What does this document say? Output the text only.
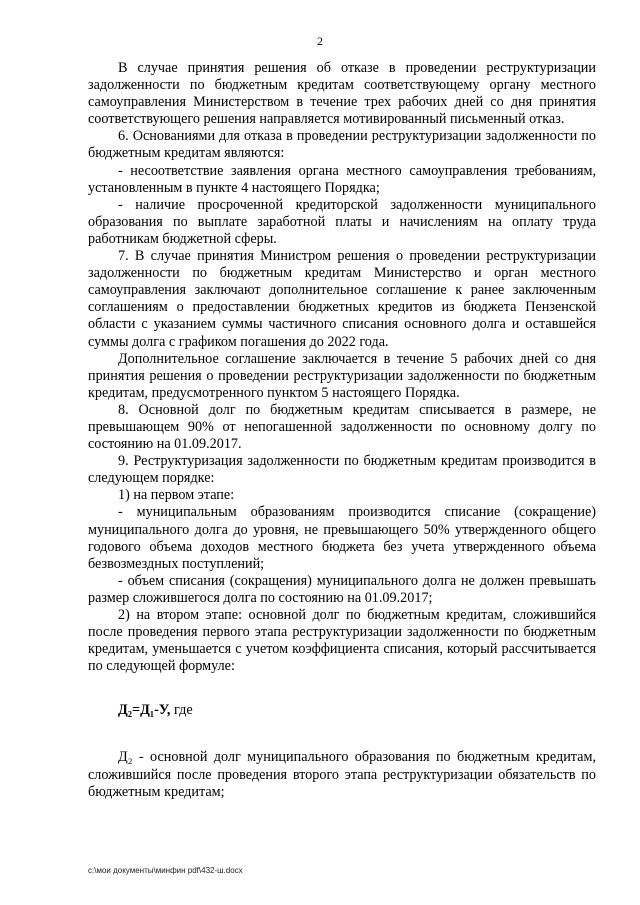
2

В случае принятия решения об отказе в проведении реструктуризации задолженности по бюджетным кредитам соответствующему органу местного самоуправления Министерством в течение трех рабочих дней со дня принятия соответствующего решения направляется мотивированный письменный отказ.

6. Основаниями для отказа в проведении реструктуризации задолженности по бюджетным кредитам являются:

- несоответствие заявления органа местного самоуправления требованиям, установленным в пункте 4 настоящего Порядка;

- наличие просроченной кредиторской задолженности муниципального образования по выплате заработной платы и начислениям на оплату труда работникам бюджетной сферы.

7. В случае принятия Министром решения о проведении реструктуризации задолженности по бюджетным кредитам Министерство и орган местного самоуправления заключают дополнительное соглашение к ранее заключенным соглашениям о предоставлении бюджетных кредитов из бюджета Пензенской области с указанием суммы частичного списания основного долга и оставшейся суммы долга с графиком погашения до 2022 года.

Дополнительное соглашение заключается в течение 5 рабочих дней со дня принятия решения о проведении реструктуризации задолженности по бюджетным кредитам, предусмотренного пунктом 5 настоящего Порядка.

8. Основной долг по бюджетным кредитам списывается в размере, не превышающем 90% от непогашенной задолженности по основному долгу по состоянию на 01.09.2017.

9. Реструктуризация задолженности по бюджетным кредитам производится в следующем порядке:

1) на первом этапе:

- муниципальным образованиям производится списание (сокращение) муниципального долга до уровня, не превышающего 50% утвержденного общего годового объема доходов местного бюджета без учета утвержденного объема безвозмездных поступлений;

- объем списания (сокращения) муниципального долга не должен превышать размер сложившегося долга по состоянию на 01.09.2017;

2) на втором этапе: основной долг по бюджетным кредитам, сложившийся после проведения первого этапа реструктуризации задолженности по бюджетным кредитам, уменьшается с учетом коэффициента списания, который рассчитывается по следующей формуле:

Д₂=Д₁-У, где

Д₂ - основной долг муниципального образования по бюджетным кредитам, сложившийся после проведения второго этапа реструктуризации обязательств по бюджетным кредитам;

c:\мои документы\минфин pdf\432-ш.docx
